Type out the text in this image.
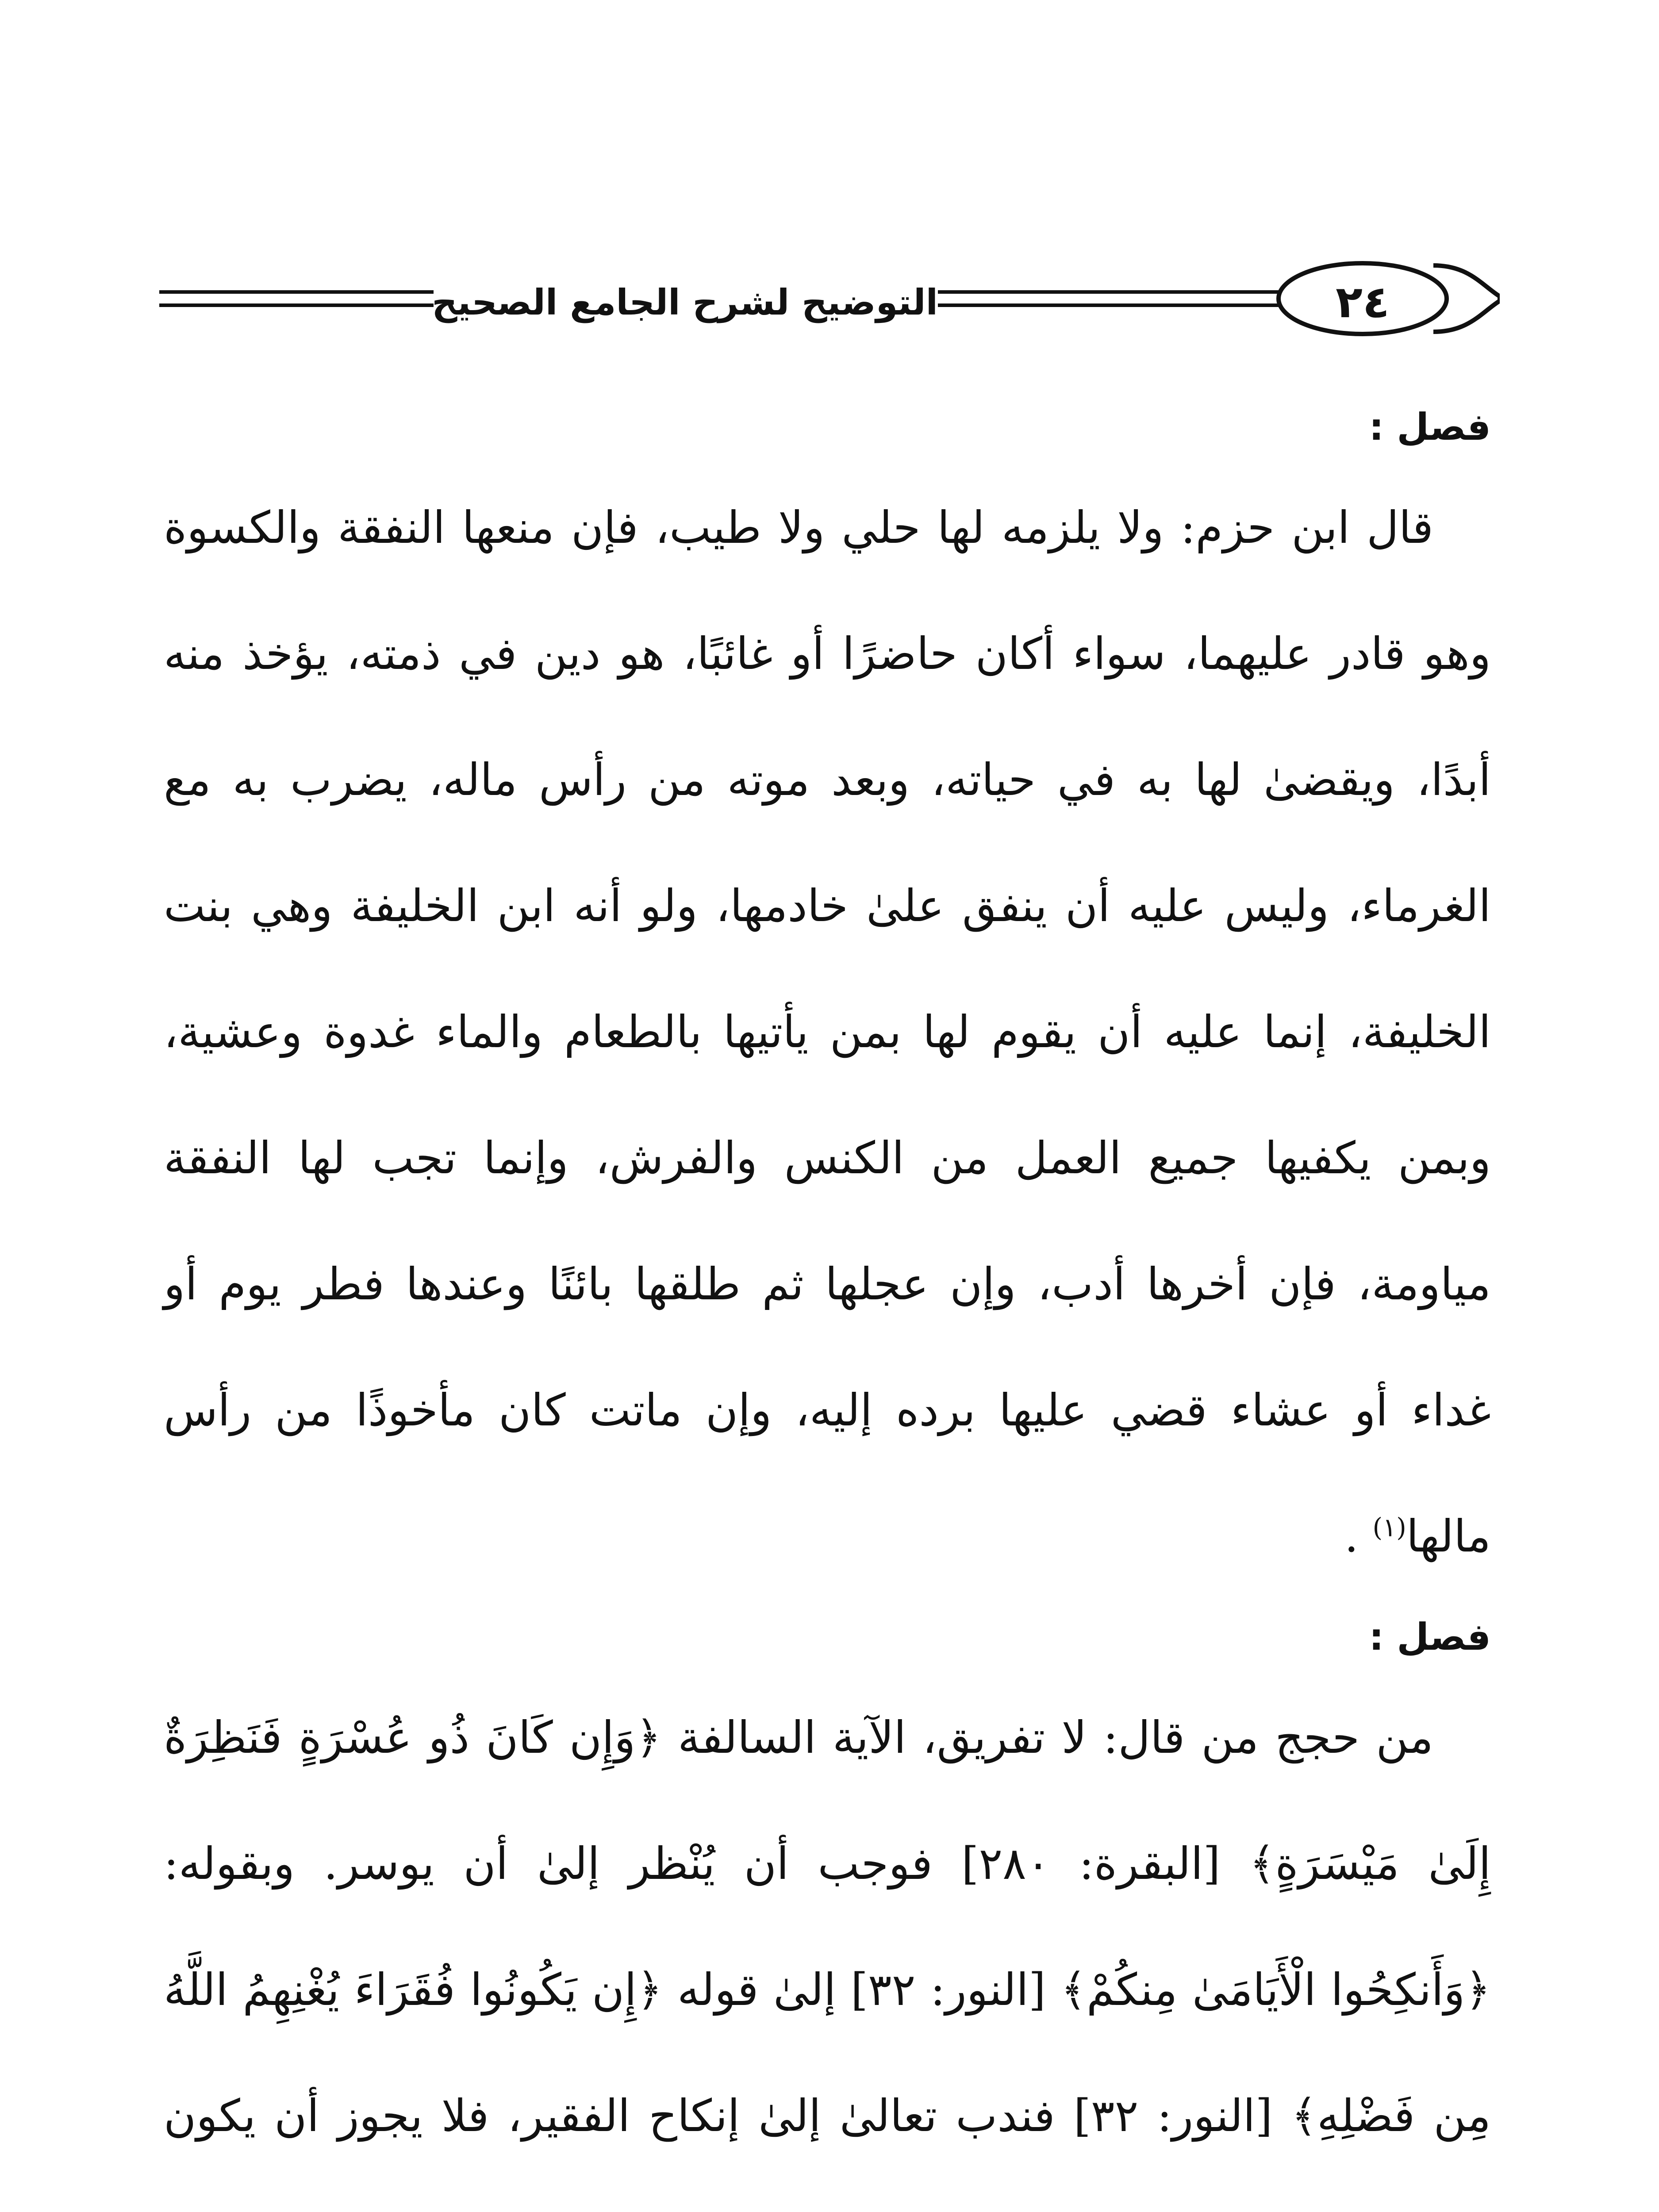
التوضيح لشرح الجامع الصحيح	٢٤
فصل :

قال ابن حزم: ولا يلزمه لها حلي ولا طيب، فإن منعها النفقة والكسوة وهو قادر عليهما، سواء أكان حاضرًا أو غائبًا، هو دين في ذمته، يؤخذ منه أبدًا، ويقضىٰ لها به في حياته، وبعد موته من رأس ماله، يضرب به مع الغرماء، وليس عليه أن ينفق علىٰ خادمها، ولو أنه ابن الخليفة وهي بنت الخليفة، إنما عليه أن يقوم لها بمن يأتيها بالطعام والماء غدوة وعشية، وبمن يكفيها جميع العمل من الكنس والفرش، وإنما تجب لها النفقة مياومة، فإن أخرها أدب، وإن عجلها ثم طلقها بائنًا وعندها فطر يوم أو غداء أو عشاء قضي عليها برده إليه، وإن ماتت كان مأخوذًا من رأس مالها$^{(١)}$ .

فصل :

من حجج من قال: لا تفريق، الآية السالفة ﴿وَإِن كَانَ ذُو عُسْرَةٍ فَنَظِرَةٌ إِلَىٰ مَيْسَرَةٍ﴾ [البقرة: ٢٨٠] فوجب أن يُنْظر إلىٰ أن يوسر. وبقوله: ﴿وَأَنكِحُوا الْأَيَامَىٰ مِنكُمْ﴾ [النور: ٣٢] إلىٰ قوله ﴿إِن يَكُونُوا فُقَرَاءَ يُغْنِهِمُ اللَّهُ مِن فَضْلِهِ﴾ [النور: ٣٢] فندب تعالىٰ إلىٰ إنكاح الفقير، فلا يجوز أن يكون
